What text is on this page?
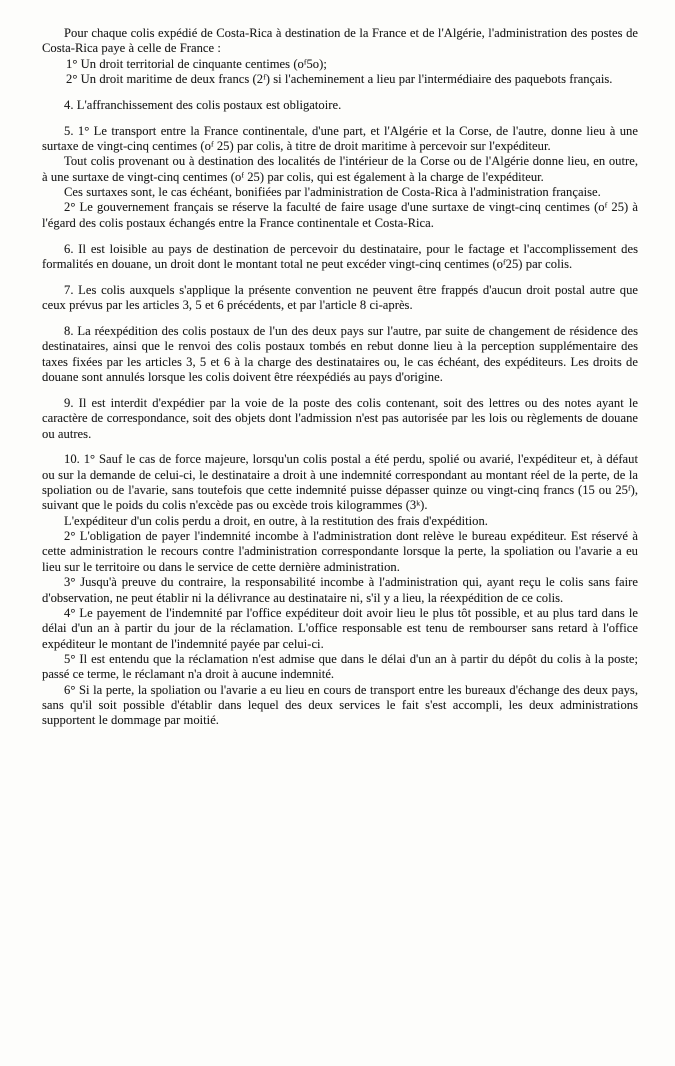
Pour chaque colis expédié de Costa-Rica à destination de la France et de l'Algérie, l'administration des postes de Costa-Rica paye à celle de France :

1° Un droit territorial de cinquante centimes $(o^f5o)$;

2° Un droit maritime de deux francs (2$^f$) si l'acheminement a lieu par l'intermédiaire des paquebots français.

4. L'affranchissement des colis postaux est obligatoire.

5. 1° Le transport entre la France continentale, d'une part, et l'Algérie et la Corse, de l'autre, donne lieu à une surtaxe de vingt-cinq centimes ($o^f$ 25) par colis, à titre de droit maritime à percevoir sur l'expéditeur.

Tout colis provenant ou à destination des localités de l'intérieur de la Corse ou de l'Algérie donne lieu, en outre, à une surtaxe de vingt-cinq centimes ($o^f$ 25) par colis, qui est également à la charge de l'expéditeur.

Ces surtaxes sont, le cas échéant, bonifiées par l'administration de Costa-Rica à l'administration française.

2° Le gouvernement français se réserve la faculté de faire usage d'une surtaxe de vingt-cinq centimes ($o^f$ 25) à l'égard des colis postaux échangés entre la France continentale et Costa-Rica.

6. Il est loisible au pays de destination de percevoir du destinataire, pour le factage et l'accomplissement des formalités en douane, un droit dont le montant total ne peut excéder vingt-cinq centimes $(o^f25)$ par colis.

7. Les colis auxquels s'applique la présente convention ne peuvent être frappés d'aucun droit postal autre que ceux prévus par les articles 3, 5 et 6 précédents, et par l'article 8 ci-après.

8. La réexpédition des colis postaux de l'un des deux pays sur l'autre, par suite de changement de résidence des destinataires, ainsi que le renvoi des colis postaux tombés en rebut donne lieu à la perception supplémentaire des taxes fixées par les articles 3, 5 et 6 à la charge des destinataires ou, le cas échéant, des expéditeurs. Les droits de douane sont annulés lorsque les colis doivent être réexpédiés au pays d'origine.

9. Il est interdit d'expédier par la voie de la poste des colis contenant, soit des lettres ou des notes ayant le caractère de correspondance, soit des objets dont l'admission n'est pas autorisée par les lois ou règlements de douane ou autres.

10. 1° Sauf le cas de force majeure, lorsqu'un colis postal a été perdu, spolié ou avarié, l'expéditeur et, à défaut ou sur la demande de celui-ci, le destinataire a droit à une indemnité correspondant au montant réel de la perte, de la spoliation ou de l'avarie, sans toutefois que cette indemnité puisse dépasser quinze ou vingt-cinq francs (15 ou 25$^f$), suivant que le poids du colis n'excède pas ou excède trois kilogrammes (3$^k$).

L'expéditeur d'un colis perdu a droit, en outre, à la restitution des frais d'expédition.

2° L'obligation de payer l'indemnité incombe à l'administration dont relève le bureau expéditeur. Est réservé à cette administration le recours contre l'administration correspondante lorsque la perte, la spoliation ou l'avarie a eu lieu sur le territoire ou dans le service de cette dernière administration.

3° Jusqu'à preuve du contraire, la responsabilité incombe à l'administration qui, ayant reçu le colis sans faire d'observation, ne peut établir ni la délivrance au destinataire ni, s'il y a lieu, la réexpédition de ce colis.

4° Le payement de l'indemnité par l'office expéditeur doit avoir lieu le plus tôt possible, et au plus tard dans le délai d'un an à partir du jour de la réclamation. L'office responsable est tenu de rembourser sans retard à l'office expéditeur le montant de l'indemnité payée par celui-ci.

5° Il est entendu que la réclamation n'est admise que dans le délai d'un an à partir du dépôt du colis à la poste; passé ce terme, le réclamant n'a droit à aucune indemnité.

6° Si la perte, la spoliation ou l'avarie a eu lieu en cours de transport entre les bureaux d'échange des deux pays, sans qu'il soit possible d'établir dans lequel des deux services le fait s'est accompli, les deux administrations supportent le dommage par moitié.
